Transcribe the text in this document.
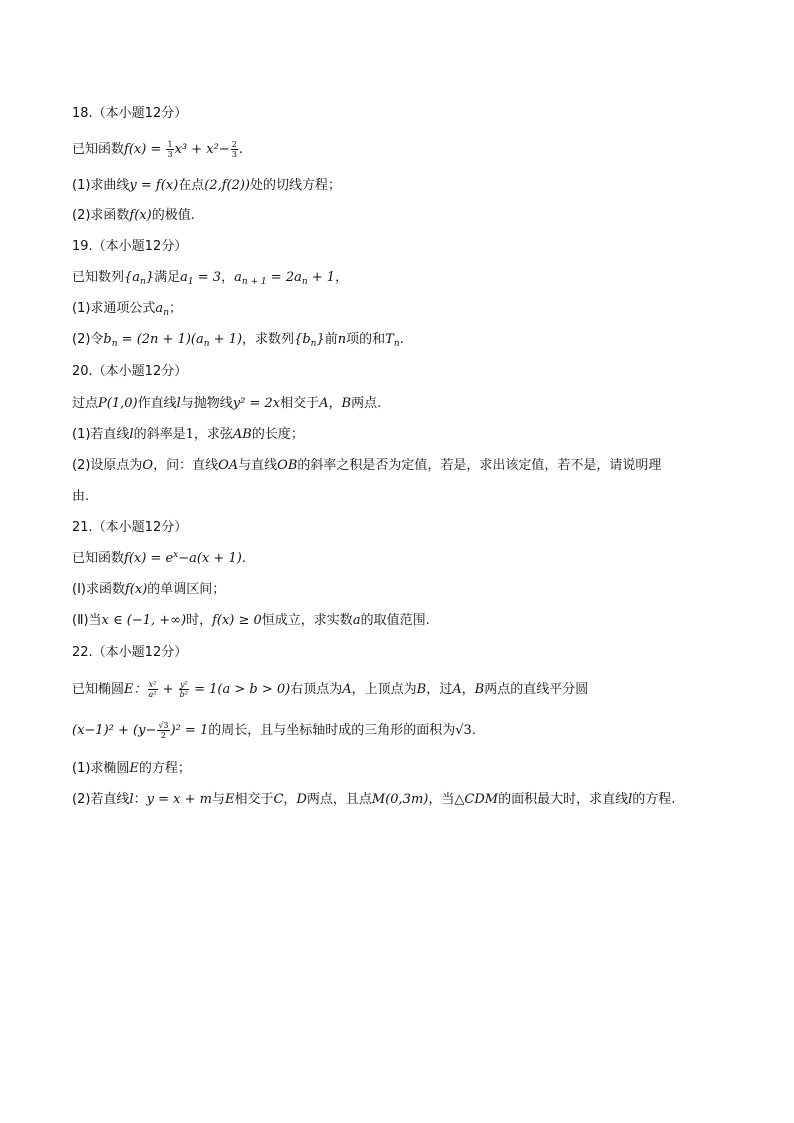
18.（本小题12分）
已知函数$f(x) = \frac{1}{3} x^3 + x^2- \frac{2}{3}$ .
(1)求曲线y = f(x)在点(2,f(2))处的切线方程；
(2)求函数f(x)的极值.
19.（本小题12分）
已知数列$\{a_n\}$满足$a_1 = 3$，$a_{n + 1} = 2a_n + 1$，
(1)求通项公式$a_n$；
(2)令$b_n = (2n + 1)(a_n + 1)$，求数列$\{b_n\}$前n项的和$T_n$.
20.（本小题12分）
过点P(1,0)作直线l与抛物线y² = 2x相交于A，B两点.
(1)若直线l的斜率是1，求弦AB的长度；
(2)设原点为O，问：直线OA与直线OB的斜率之积是否为定值，若是，求出该定值，若不是，请说明理
由.
21.（本小题12分）
已知函数$f(x) = e^x-a(x + 1)$.
(Ⅰ)求函数f(x)的单调区间；
(Ⅱ)当x ∈ (−1, +∞)时，f(x) ≥ 0恒成立，求实数a的取值范围.
22.（本小题12分）
已知椭圆E： $\frac{\text{x²}}{\text{a²}} + \frac{\text{y²}}{\text{b²}} = 1(a > b > 0)$右顶点为A，上顶点为B，过A，B两点的直线平分圆
$(x-1)^2 + (y- \frac{√3}{2} )^2 = 1$的周长，且与坐标轴时成的三角形的面积为√3.
(1)求椭圆E的方程；
(2)若直线l：y = x + m与E相交于C，D两点，且点M(0,3m)，当△CDM的面积最大时，求直线l的方程.
